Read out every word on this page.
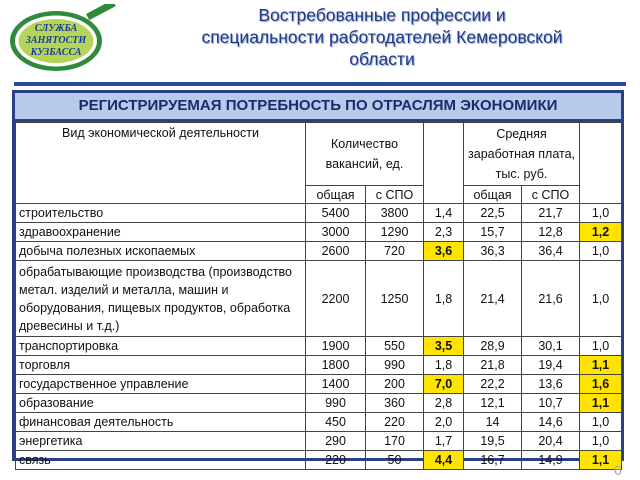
СЛУЖБА
ЗАНЯТОСТИ
КУЗБАССА
Востребованные профессии и
специальности работодателей Кемеровской
области
РЕГИСТРИРУЕМАЯ ПОТРЕБНОСТЬ ПО ОТРАСЛЯМ ЭКОНОМИКИ
Вид экономической деятельности	Количество вакансий, ед.			Средняя заработная плата, тыс. руб.		
	общая	с СПО		общая	с СПО	
строительство	5400	3800	1,4	22,5	21,7	1,0
здравоохранение	3000	1290	2,3	15,7	12,8	1,2
добыча полезных ископаемых	2600	720	3,6	36,3	36,4	1,0
обрабатывающие производства (производство метал. изделий и металла, машин и оборудования, пищевых продуктов, обработка древесины и т.д.)	2200	1250	1,8	21,4	21,6	1,0
транспортировка	1900	550	3,5	28,9	30,1	1,0
торговля	1800	990	1,8	21,8	19,4	1,1
государственное управление	1400	200	7,0	22,2	13,6	1,6
образование	990	360	2,8	12,1	10,7	1,1
финансовая деятельность	450	220	2,0	14	14,6	1,0
энергетика	290	170	1,7	19,5	20,4	1,0
связь	220	50	4,4	16,7	14,9	1,1
6
